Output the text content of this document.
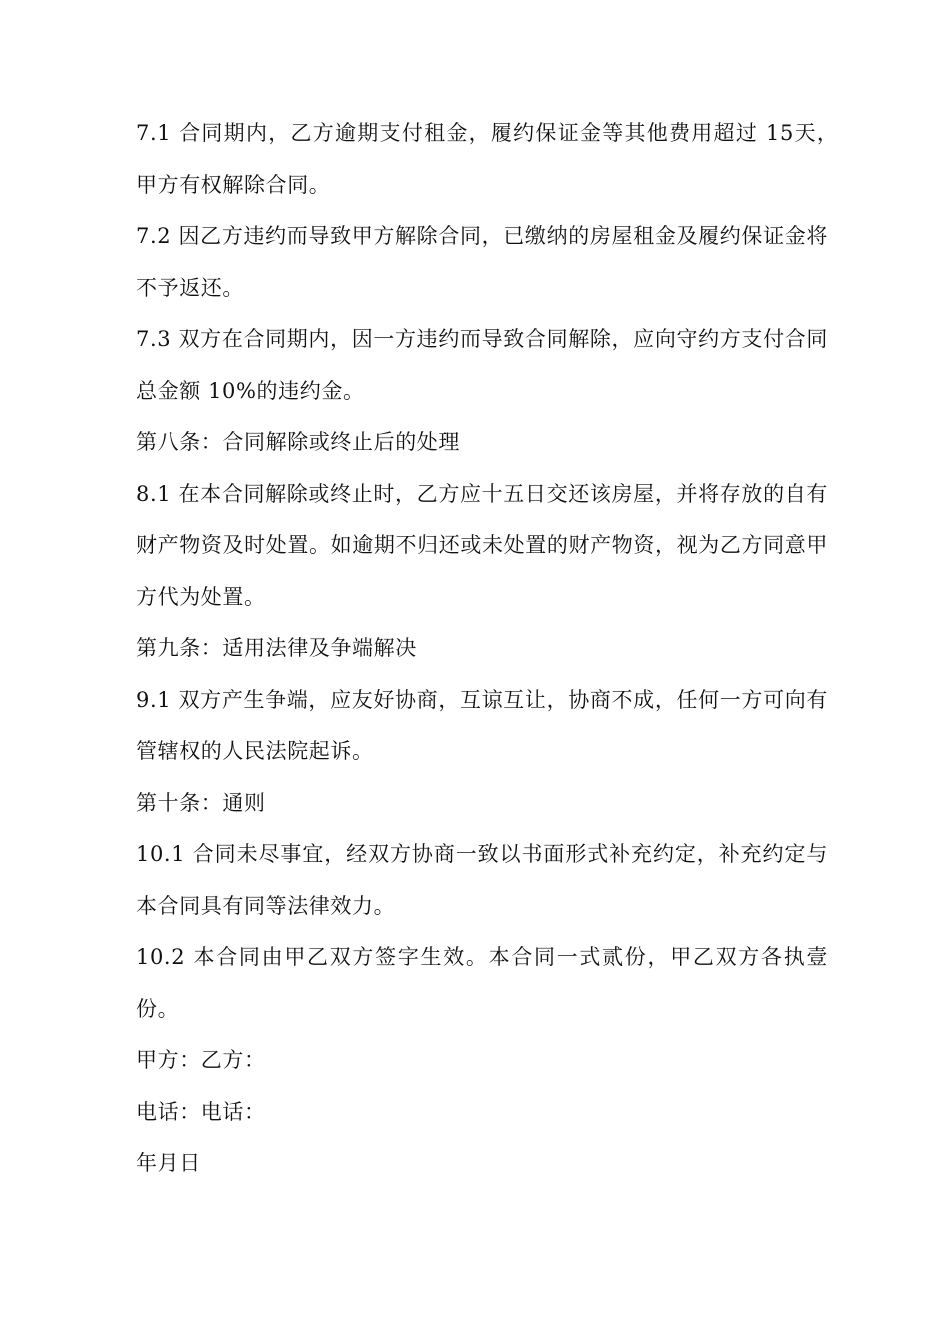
7.1 合同期内，乙方逾期支付租金，履约保证金等其他费用超过 15天，　甲方有权解除合同。

7.2 因乙方违约而导致甲方解除合同，已缴纳的房屋租金及履约保证金将不予返还。

7.3 双方在合同期内，因一方违约而导致合同解除，应向守约方支付合同总金额 10%的违约金。

第八条：合同解除或终止后的处理

8.1 在本合同解除或终止时，乙方应十五日交还该房屋，并将存放的自有财产物资及时处置。如逾期不归还或未处置的财产物资，视为乙方同意甲方代为处置。

第九条：适用法律及争端解决

9.1 双方产生争端，应友好协商，互谅互让，协商不成，任何一方可向有管辖权的人民法院起诉。

第十条：通则

10.1 合同未尽事宜，经双方协商一致以书面形式补充约定，补充约定与本合同具有同等法律效力。

10.2 本合同由甲乙双方签字生效。本合同一式贰份，甲乙双方各执壹份。

甲方：乙方：

电话：电话：

年月日
